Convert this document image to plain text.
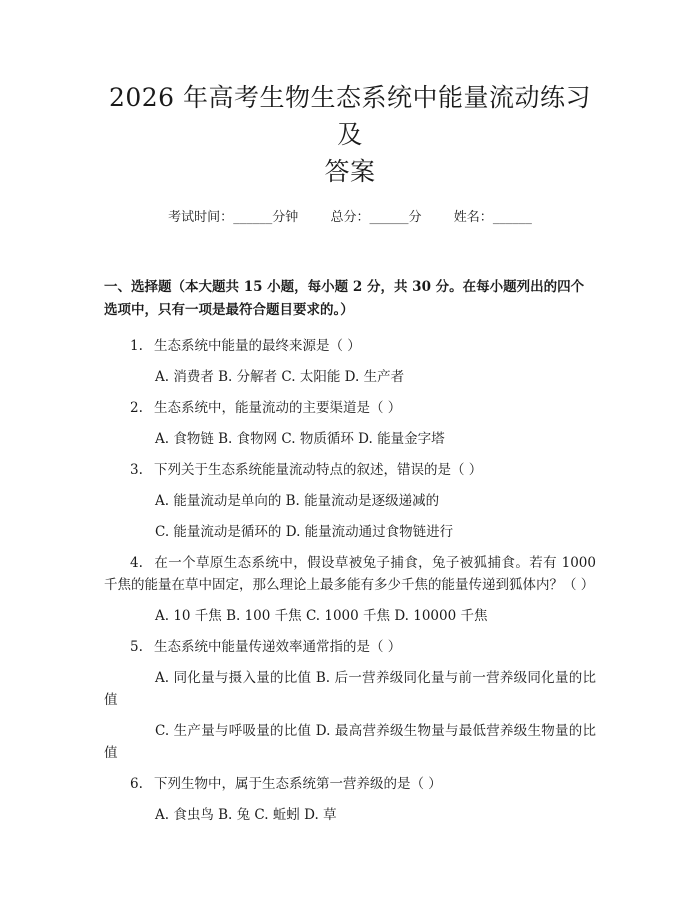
2026 年高考生物生态系统中能量流动练习及
答案
考试时间：______分钟 总分：______分 姓名：______
一、选择题（本大题共 15 小题，每小题 2 分，共 30 分。在每小题列出的四个选项中，只有一项是最符合题目要求的。）

1. 生态系统中能量的最终来源是（ ）

A. 消费者 B. 分解者 C. 太阳能 D. 生产者

2. 生态系统中，能量流动的主要渠道是（ ）

A. 食物链 B. 食物网 C. 物质循环 D. 能量金字塔

3. 下列关于生态系统能量流动特点的叙述，错误的是（ ）

A. 能量流动是单向的 B. 能量流动是逐级递减的

C. 能量流动是循环的 D. 能量流动通过食物链进行

4. 在一个草原生态系统中，假设草被兔子捕食，兔子被狐捕食。若有 1000 千焦的能量在草中固定，那么理论上最多能有多少千焦的能量传递到狐体内？（ ）

A. 10 千焦 B. 100 千焦 C. 1000 千焦 D. 10000 千焦

5. 生态系统中能量传递效率通常指的是（ ）

A. 同化量与摄入量的比值 B. 后一营养级同化量与前一营养级同化量的比值

C. 生产量与呼吸量的比值 D. 最高营养级生物量与最低营养级生物量的比值

6. 下列生物中，属于生态系统第一营养级的是（ ）

A. 食虫鸟 B. 兔 C. 蚯蚓 D. 草
